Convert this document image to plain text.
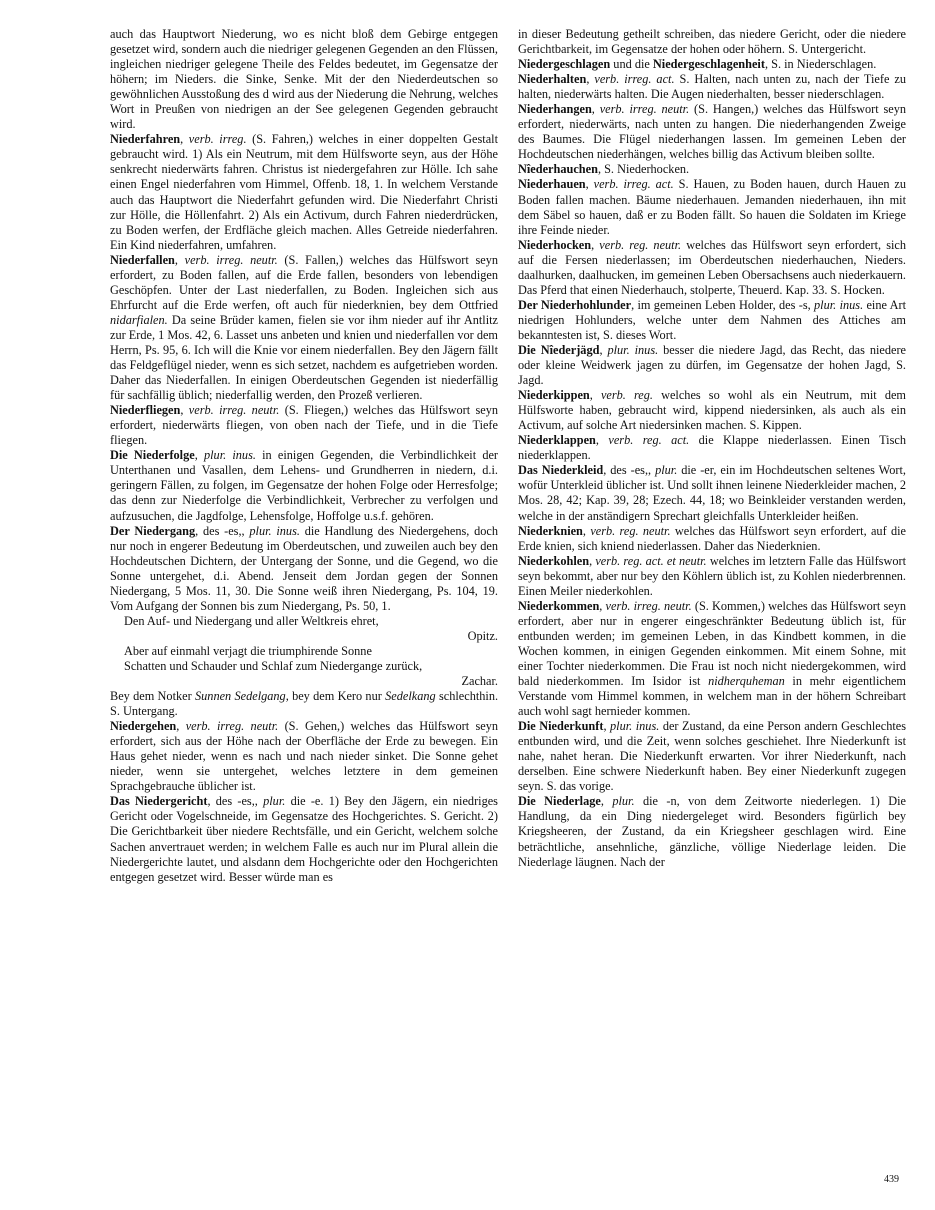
auch das Hauptwort Niederung, wo es nicht bloß dem Gebirge entgegen gesetzet wird, sondern auch die niedriger gelegenen Gegenden an den Flüssen, ingleichen niedriger gelegene Theile des Feldes bedeutet, im Gegensatze der höhern; im Nieders. die Sinke, Senke. Mit der den Niederdeutschen so gewöhnlichen Ausstoßung des d wird aus der Niederung die Nehrung, welches Wort in Preußen von niedrigen an der See gelegenen Gegenden gebraucht wird.

Niederfahren, verb. irreg. (S. Fahren,) welches in einer doppelten Gestalt gebraucht wird. 1) Als ein Neutrum, mit dem Hülfsworte seyn, aus der Höhe senkrecht niederwärts fahren. Christus ist niedergefahren zur Hölle. Ich sahe einen Engel niederfahren vom Himmel, Offenb. 18, 1. In welchem Verstande auch das Hauptwort die Niederfahrt gefunden wird. Die Niederfahrt Christi zur Hölle, die Höllenfahrt. 2) Als ein Activum, durch Fahren niederdrücken, zu Boden werfen, der Erdfläche gleich machen. Alles Getreide niederfahren. Ein Kind niederfahren, umfahren.

Niederfallen, verb. irreg. neutr. (S. Fallen,) welches das Hülfswort seyn erfordert, zu Boden fallen, auf die Erde fallen, besonders von lebendigen Geschöpfen. Unter der Last niederfallen, zu Boden. Ingleichen sich aus Ehrfurcht auf die Erde werfen, oft auch für niederknien, bey dem Ottfried nidarfialen. Da seine Brüder kamen, fielen sie vor ihm nieder auf ihr Antlitz zur Erde, 1 Mos. 42, 6. Lasset uns anbeten und knien und niederfallen vor dem Herrn, Ps. 95, 6. Ich will die Knie vor einem niederfallen. Bey den Jägern fällt das Feldgeflügel nieder, wenn es sich setzet, nachdem es aufgetrieben worden. Daher das Niederfallen. In einigen Oberdeutschen Gegenden ist niederfällig für sachfällig üblich; niederfallig werden, den Prozeß verlieren.

Niederfliegen, verb. irreg. neutr. (S. Fliegen,) welches das Hülfswort seyn erfordert, niederwärts fliegen, von oben nach der Tiefe, und in die Tiefe fliegen.

Die Niederfolge, plur. inus. in einigen Gegenden, die Verbindlichkeit der Unterthanen und Vasallen, dem Lehens- und Grundherren in niedern, d.i. geringern Fällen, zu folgen, im Gegensatze der hohen Folge oder Herresfolge; das denn zur Niederfolge die Verbindlichkeit, Verbrecher zu verfolgen und aufzusuchen, die Jagdfolge, Lehensfolge, Hoffolge u.s.f. gehören.

Der Niedergang, des -es,, plur. inus. die Handlung des Niedergehens, doch nur noch in engerer Bedeutung im Oberdeutschen, und zuweilen auch bey den Hochdeutschen Dichtern, der Untergang der Sonne, und die Gegend, wo die Sonne untergehet, d.i. Abend. Jenseit dem Jordan gegen der Sonnen Niedergang, 5 Mos. 11, 30. Die Sonne weiß ihren Niedergang, Ps. 104, 19. Vom Aufgang der Sonnen bis zum Niedergang, Ps. 50, 1.

Den Auf- und Niedergang und aller Weltkreis ehret,

Opitz.

Aber auf einmahl verjagt die triumphirende Sonne

Schatten und Schauder und Schlaf zum Niedergange zurück,

Zachar.

Bey dem Notker Sunnen Sedelgang, bey dem Kero nur Sedelkang schlechthin. S. Untergang.

Niedergehen, verb. irreg. neutr. (S. Gehen,) welches das Hülfswort seyn erfordert, sich aus der Höhe nach der Oberfläche der Erde zu bewegen. Ein Haus gehet nieder, wenn es nach und nach nieder sinket. Die Sonne gehet nieder, wenn sie untergehet, welches letztere in dem gemeinen Sprachgebrauche üblicher ist.

Das Niedergericht, des -es,, plur. die -e. 1) Bey den Jägern, ein niedriges Gericht oder Vogelschneide, im Gegensatze des Hochgerichtes. S. Gericht. 2) Die Gerichtbarkeit über niedere Rechtsfälle, und ein Gericht, welchem solche Sachen anvertrauet werden; in welchem Falle es auch nur im Plural allein die Niedergerichte lautet, und alsdann dem Hochgerichte oder den Hochgerichten entgegen gesetzet wird. Besser würde man es

in dieser Bedeutung getheilt schreiben, das niedere Gericht, oder die niedere Gerichtbarkeit, im Gegensatze der hohen oder höhern. S. Untergericht.

Niedergeschlagen und die Niedergeschlagenheit, S. in Niederschlagen.

Niederhalten, verb. irreg. act. S. Halten, nach unten zu, nach der Tiefe zu halten, niederwärts halten. Die Augen niederhalten, besser niederschlagen.

Niederhangen, verb. irreg. neutr. (S. Hangen,) welches das Hülfswort seyn erfordert, niederwärts, nach unten zu hangen. Die niederhangenden Zweige des Baumes. Die Flügel niederhangen lassen. Im gemeinen Leben der Hochdeutschen niederhängen, welches billig das Activum bleiben sollte.

Nîederhauchen, S. Niederhocken.

Niederhauen, verb. irreg. act. S. Hauen, zu Boden hauen, durch Hauen zu Boden fallen machen. Bäume niederhauen. Jemanden niederhauen, ihn mit dem Säbel so hauen, daß er zu Boden fällt. So hauen die Soldaten im Kriege ihre Feinde nieder.

Niederhocken, verb. reg. neutr. welches das Hülfswort seyn erfordert, sich auf die Fersen niederlassen; im Oberdeutschen niederhauchen, Nieders. daalhurken, daalhucken, im gemeinen Leben Obersachsens auch niederkauern. Das Pferd that einen Niederhauch, stolperte, Theuerd. Kap. 33. S. Hocken.

Der Niederhohlunder, im gemeinen Leben Holder, des -s, plur. inus. eine Art niedrigen Hohlunders, welche unter dem Nahmen des Attiches am bekanntesten ist, S. dieses Wort.

Die Nîederjägd, plur. inus. besser die niedere Jagd, das Recht, das niedere oder kleine Weidwerk jagen zu dürfen, im Gegensatze der hohen Jagd, S. Jagd.

Niederkippen, verb. reg. welches so wohl als ein Neutrum, mit dem Hülfsworte haben, gebraucht wird, kippend niedersinken, als auch als ein Activum, auf solche Art niedersinken machen. S. Kippen.

Niederklappen, verb. reg. act. die Klappe niederlassen. Einen Tisch niederklappen.

Das Niederkleid, des -es,, plur. die -er, ein im Hochdeutschen seltenes Wort, wofür Unterkleid üblicher ist. Und sollt ihnen leinene Niederkleider machen, 2 Mos. 28, 42; Kap. 39, 28; Ezech. 44, 18; wo Beinkleider verstanden werden, welche in der anständigern Sprechart gleichfalls Unterkleider heißen.

Niederknien, verb. reg. neutr. welches das Hülfswort seyn erfordert, auf die Erde knien, sich kniend niederlassen. Daher das Niederknien.

Niederkohlen, verb. reg. act. et neutr. welches im letztern Falle das Hülfswort seyn bekommt, aber nur bey den Köhlern üblich ist, zu Kohlen niederbrennen. Einen Meiler niederkohlen.

Niederkommen, verb. irreg. neutr. (S. Kommen,) welches das Hülfswort seyn erfordert, aber nur in engerer eingeschränkter Bedeutung üblich ist, für entbunden werden; im gemeinen Leben, in das Kindbett kommen, in die Wochen kommen, in einigen Gegenden einkommen. Mit einem Sohne, mit einer Tochter niederkommen. Die Frau ist noch nicht niedergekommen, wird bald niederkommen. Im Isidor ist nidherquheman in mehr eigentlichem Verstande vom Himmel kommen, in welchem man in der höhern Schreibart auch wohl sagt hernieder kommen.

Die Niederkunft, plur. inus. der Zustand, da eine Person andern Geschlechtes entbunden wird, und die Zeit, wenn solches geschiehet. Ihre Niederkunft ist nahe, nahet heran. Die Niederkunft erwarten. Vor ihrer Niederkunft, nach derselben. Eine schwere Niederkunft haben. Bey einer Niederkunft zugegen seyn. S. das vorige.

Die Niederlage, plur. die -n, von dem Zeitworte niederlegen. 1) Die Handlung, da ein Ding niedergeleget wird. Besonders figürlich bey Kriegsheeren, der Zustand, da ein Kriegsheer geschlagen wird. Eine beträchtliche, ansehnliche, gänzliche, völlige Niederlage leiden. Die Niederlage läugnen. Nach der

439
